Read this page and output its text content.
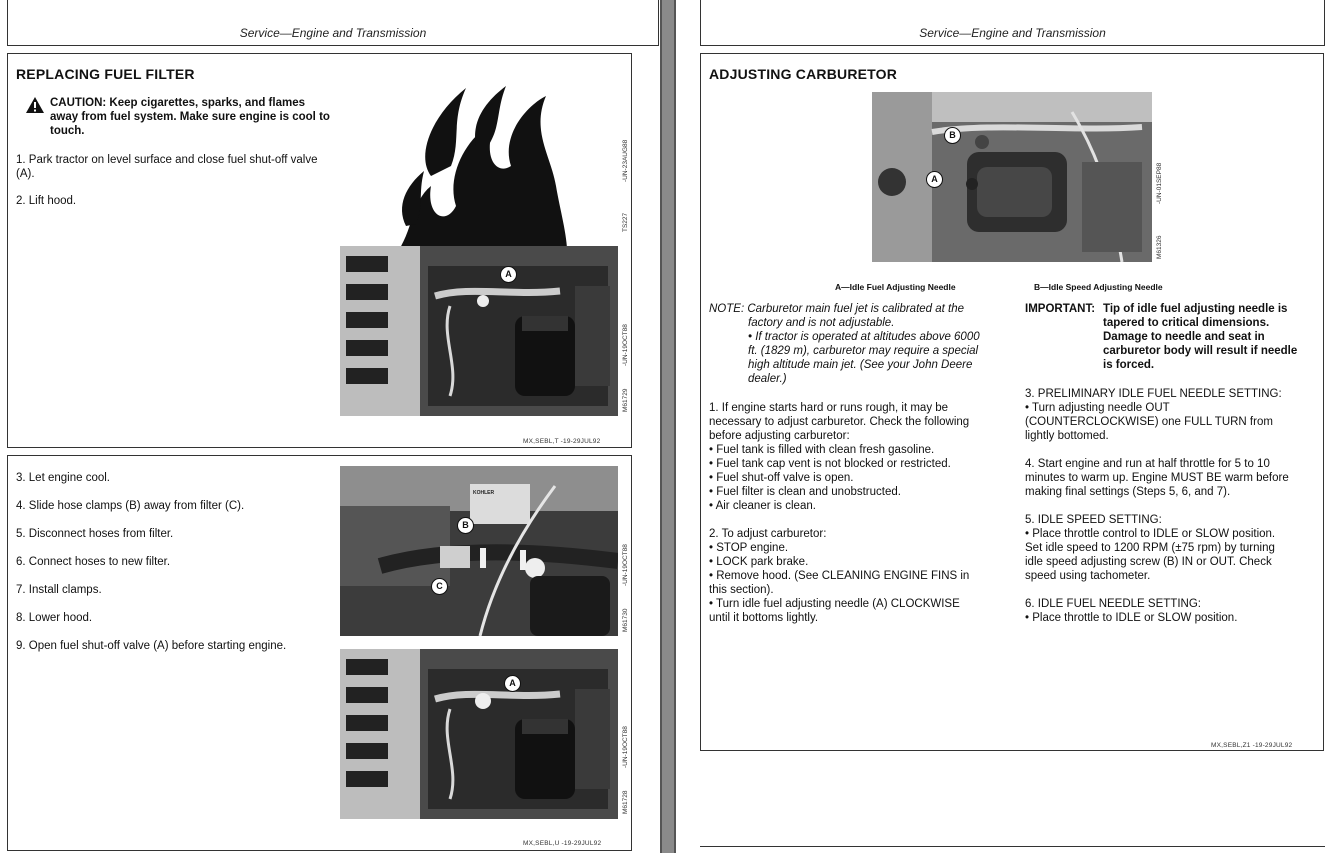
Service—Engine and Transmission
REPLACING FUEL FILTER
CAUTION: Keep cigarettes, sparks, and flames away from fuel system. Make sure engine is cool to touch.
1. Park tractor on level surface and close fuel shut-off valve (A).
2. Lift hood.
-UN-23AUG88
TS227
A
-UN-19OCT88
M61729
MX,SEBL,T -19-29JUL92
3. Let engine cool.
4. Slide hose clamps (B) away from filter (C).
5. Disconnect hoses from filter.
6. Connect hoses to new filter.
7. Install clamps.
8. Lower hood.
9. Open fuel shut-off valve (A) before starting engine.
KOHLER
B
C	-UN-19OCT88
M61730
A
-UN-19OCT88
M61728
MX,SEBL,U -19-29JUL92
Service—Engine and Transmission
ADJUSTING CARBURETOR
B
A	-UN-01SEP88
M61326
A—Idle Fuel Adjusting Needle	B—Idle Speed Adjusting Needle
NOTE: Carburetor main fuel jet is calibrated at the
factory and is not adjustable.
• If tractor is operated at altitudes above 6000
ft. (1829 m), carburetor may require a special
high altitude main jet. (See your John Deere
dealer.)
1. If engine starts hard or runs rough, it may be
necessary to adjust carburetor. Check the following
before adjusting carburetor:
• Fuel tank is filled with clean fresh gasoline.
• Fuel tank cap vent is not blocked or restricted.
• Fuel shut-off valve is open.
• Fuel filter is clean and unobstructed.
• Air cleaner is clean.
2. To adjust carburetor:
• STOP engine.
• LOCK park brake.
• Remove hood. (See CLEANING ENGINE FINS in
this section).
• Turn idle fuel adjusting needle (A) CLOCKWISE
until it bottoms lightly.
IMPORTANT: Tip of idle fuel adjusting needle is
tapered to critical dimensions.
Damage to needle and seat in
carburetor body will result if needle
is forced.
3. PRELIMINARY IDLE FUEL NEEDLE SETTING:
• Turn adjusting needle OUT
(COUNTERCLOCKWISE) one FULL TURN from
lightly bottomed.
4. Start engine and run at half throttle for 5 to 10
minutes to warm up. Engine MUST BE warm before
making final settings (Steps 5, 6, and 7).
5. IDLE SPEED SETTING:
• Place throttle control to IDLE or SLOW position.
Set idle speed to 1200 RPM (±75 rpm) by turning
idle speed adjusting screw (B) IN or OUT. Check
speed using tachometer.
6. IDLE FUEL NEEDLE SETTING:
• Place throttle to IDLE or SLOW position.
MX,SEBL,Z1 -19-29JUL92
